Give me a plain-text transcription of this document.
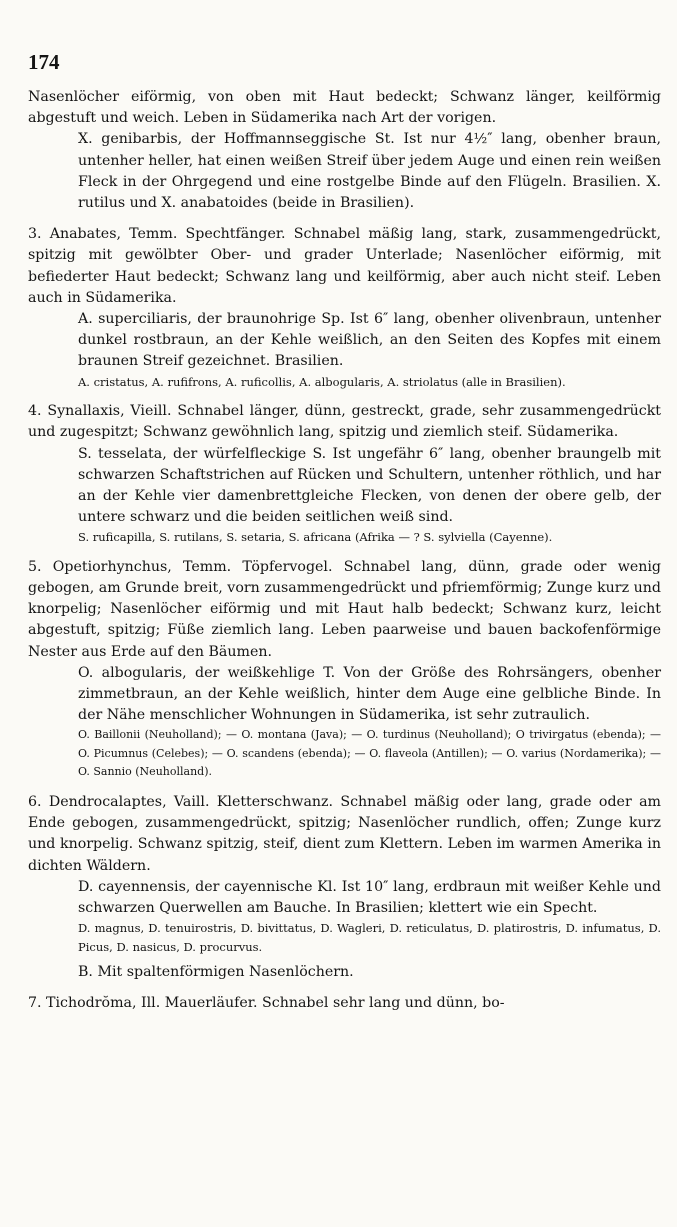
174

Nasenlöcher eiförmig, von oben mit Haut bedeckt; Schwanz länger, keilförmig abgestuft und weich. Leben in Südamerika nach Art der vorigen.

X. genibarbis, der Hoffmannseggische St. Ist nur 4½″ lang, obenher braun, untenher heller, hat einen weißen Streif über jedem Auge und einen rein weißen Fleck in der Ohrgegend und eine rostgelbe Binde auf den Flügeln. Brasilien. X. rutilus und X. anabatoides (beide in Brasilien).

3. Anabates, Temm. Spechtfänger. Schnabel mäßig lang, stark, zusammengedrückt, spitzig mit gewölbter Ober- und grader Unterlade; Nasenlöcher eiförmig, mit befiederter Haut bedeckt; Schwanz lang und keilförmig, aber auch nicht steif. Leben auch in Südamerika.

A. superciliaris, der braunohrige Sp. Ist 6″ lang, obenher olivenbraun, untenher dunkel rostbraun, an der Kehle weißlich, an den Seiten des Kopfes mit einem braunen Streif gezeichnet. Brasilien.

A. cristatus, A. rufifrons, A. ruficollis, A. albogularis, A. striolatus (alle in Brasilien).

4. Synallaxis, Vieill. Schnabel länger, dünn, gestreckt, grade, sehr zusammengedrückt und zugespitzt; Schwanz gewöhnlich lang, spitzig und ziemlich steif. Südamerika.

S. tesselata, der würfelfleckige S. Ist ungefähr 6″ lang, obenher braungelb mit schwarzen Schaftstrichen auf Rücken und Schultern, untenher röthlich, und har an der Kehle vier damenbrettgleiche Flecken, von denen der obere gelb, der untere schwarz und die beiden seitlichen weiß sind.

S. ruficapilla, S. rutilans, S. setaria, S. africana (Afrika — ? S. sylviella (Cayenne).

5. Opetiorhynchus, Temm. Töpfervogel. Schnabel lang, dünn, grade oder wenig gebogen, am Grunde breit, vorn zusammengedrückt und pfriemförmig; Zunge kurz und knorpelig; Nasenlöcher eiförmig und mit Haut halb bedeckt; Schwanz kurz, leicht abgestuft, spitzig; Füße ziemlich lang. Leben paarweise und bauen backofenförmige Nester aus Erde auf den Bäumen.

O. albogularis, der weißkehlige T. Von der Größe des Rohrsängers, obenher zimmetbraun, an der Kehle weißlich, hinter dem Auge eine gelbliche Binde. In der Nähe menschlicher Wohnungen in Südamerika, ist sehr zutraulich.

O. Baillonii (Neuholland); — O. montana (Java); — O. turdinus (Neuholland); O trivirgatus (ebenda); — O. Picumnus (Celebes); — O. scandens (ebenda); — O. flaveola (Antillen); — O. varius (Nordamerika); — O. Sannio (Neuholland).

6. Dendrocalaptes, Vaill. Kletterschwanz. Schnabel mäßig oder lang, grade oder am Ende gebogen, zusammengedrückt, spitzig; Nasenlöcher rundlich, offen; Zunge kurz und knorpelig. Schwanz spitzig, steif, dient zum Klettern. Leben im warmen Amerika in dichten Wäldern.

D. cayennensis, der cayennische Kl. Ist 10″ lang, erdbraun mit weißer Kehle und schwarzen Querwellen am Bauche. In Brasilien; klettert wie ein Specht.

D. magnus, D. tenuirostris, D. bivittatus, D. Wagleri, D. reticulatus, D. platirostris, D. infumatus, D. Picus, D. nasicus, D. procurvus.

B. Mit spaltenförmigen Nasenlöchern.

7. Tichodrŏma, Ill. Mauerläufer. Schnabel sehr lang und dünn, bo-
